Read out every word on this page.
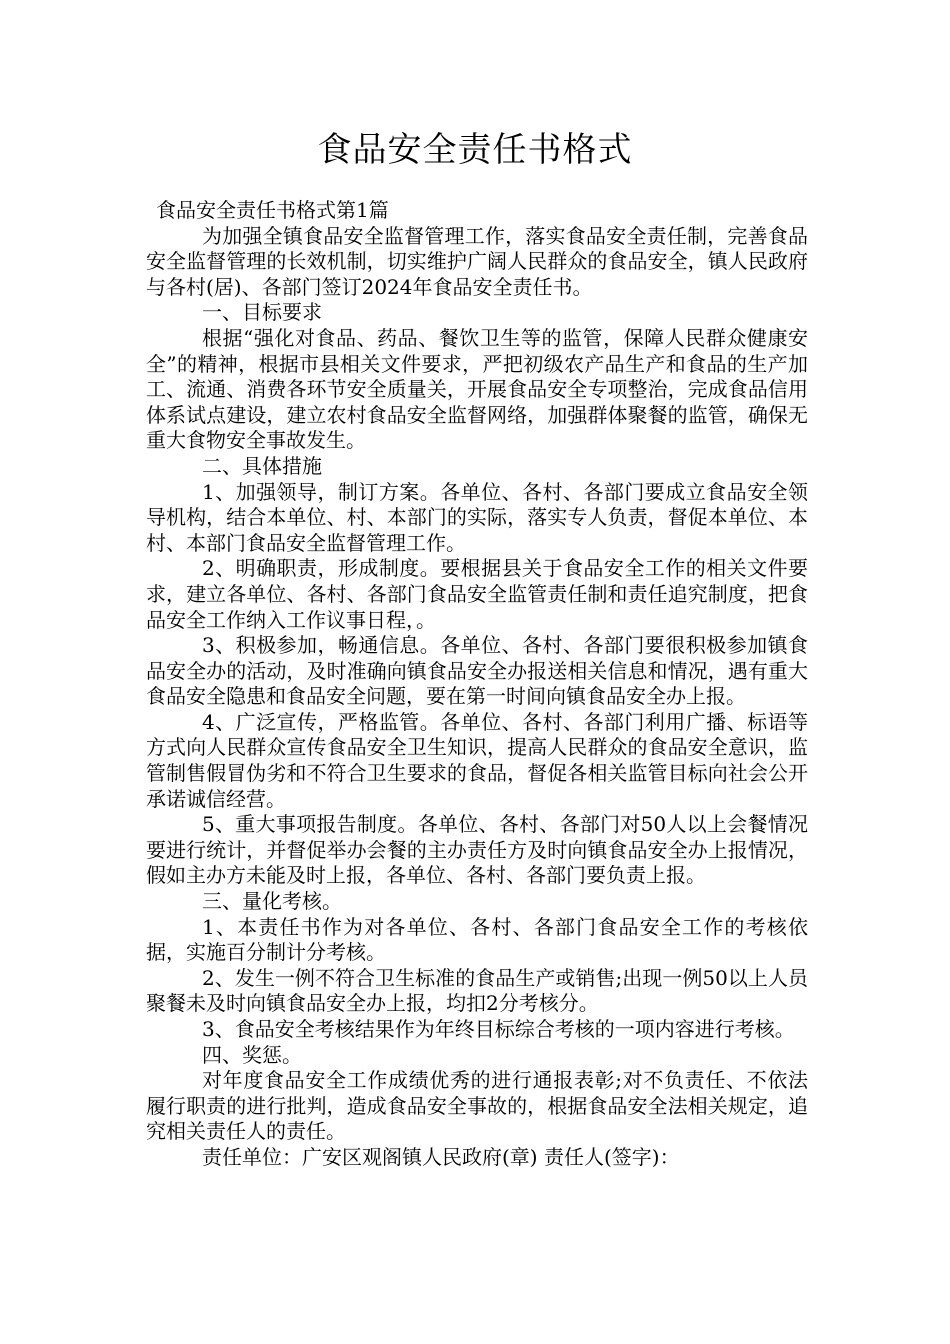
食品安全责任书格式

食品安全责任书格式第1篇

为加强全镇食品安全监督管理工作，落实食品安全责任制，完善食品安全监督管理的长效机制，切实维护广阔人民群众的食品安全，镇人民政府与各村(居)、各部门签订2024年食品安全责任书。

一、目标要求

根据“强化对食品、药品、餐饮卫生等的监管，保障人民群众健康安全”的精神，根据市县相关文件要求，严把初级农产品生产和食品的生产加工、流通、消费各环节安全质量关，开展食品安全专项整治，完成食品信用体系试点建设，建立农村食品安全监督网络，加强群体聚餐的监管，确保无重大食物安全事故发生。

二、具体措施

1、加强领导，制订方案。各单位、各村、各部门要成立食品安全领导机构，结合本单位、村、本部门的实际，落实专人负责，督促本单位、本村、本部门食品安全监督管理工作。

2、明确职责，形成制度。要根据县关于食品安全工作的相关文件要求，建立各单位、各村、各部门食品安全监管责任制和责任追究制度，把食品安全工作纳入工作议事日程，。

3、积极参加，畅通信息。各单位、各村、各部门要很积极参加镇食品安全办的活动，及时准确向镇食品安全办报送相关信息和情况，遇有重大食品安全隐患和食品安全问题，要在第一时间向镇食品安全办上报。

4、广泛宣传，严格监管。各单位、各村、各部门利用广播、标语等方式向人民群众宣传食品安全卫生知识，提高人民群众的食品安全意识，监管制售假冒伪劣和不符合卫生要求的食品，督促各相关监管目标向社会公开承诺诚信经营。

5、重大事项报告制度。各单位、各村、各部门对50人以上会餐情况要进行统计，并督促举办会餐的主办责任方及时向镇食品安全办上报情况，假如主办方未能及时上报，各单位、各村、各部门要负责上报。

三、量化考核。

1、本责任书作为对各单位、各村、各部门食品安全工作的考核依据，实施百分制计分考核。

2、发生一例不符合卫生标准的食品生产或销售;出现一例50以上人员聚餐未及时向镇食品安全办上报，均扣2分考核分。

3、食品安全考核结果作为年终目标综合考核的一项内容进行考核。

四、奖惩。

对年度食品安全工作成绩优秀的进行通报表彰;对不负责任、不依法履行职责的进行批判，造成食品安全事故的，根据食品安全法相关规定，追究相关责任人的责任。

责任单位：广安区观阁镇人民政府(章) 责任人(签字)：
